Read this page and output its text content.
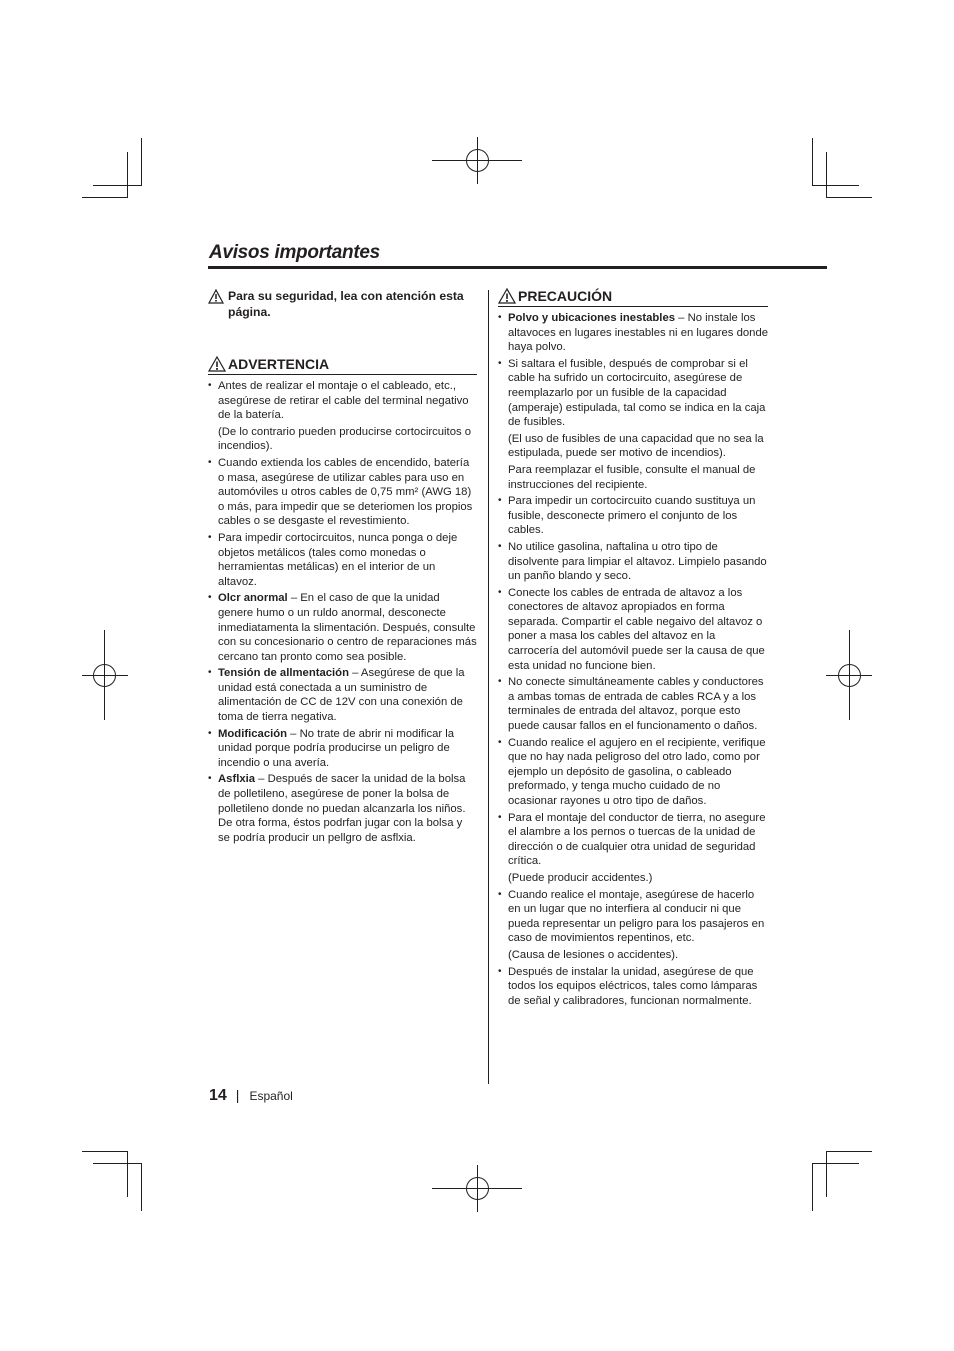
Avisos importantes
Para su seguridad, lea con atención esta página.
ADVERTENCIA
• Antes de realizar el montaje o el cableado, etc., asegúrese de retirar el cable del terminal negativo de la batería.
(De lo contrario pueden producirse cortocircuitos o incendios).
• Cuando extienda los cables de encendido, batería o masa, asegúrese de utilizar cables para uso en automóviles u otros cables de 0,75 mm² (AWG 18) o más, para impedir que se deteriomen los propios cables o se desgaste el revestimiento.
• Para impedir cortocircuitos, nunca ponga o deje objetos metálicos (tales como monedas o herramientas metálicas) en el interior de un altavoz.
• Olcr anormal – En el caso de que la unidad genere humo o un ruldo anormal, desconecte inmediatamenta la slimentación. Después, consulte con su concesionario o centro de reparaciones más cercano tan pronto como sea posible.
• Tensión de allmentación – Asegúrese de que la unidad está conectada a un suministro de alimentación de CC de 12V con una conexión de toma de tierra negativa.
• Modificación – No trate de abrir ni modificar la unidad porque podría producirse un peligro de incendio o una avería.
• Asflxia – Después de sacer la unidad de la bolsa de polletileno, asegúrese de poner la bolsa de polletileno donde no puedan alcanzarla los niños. De otra forma, éstos podrfan jugar con la bolsa y se podría producir un pellgro de asflxia.
PRECAUCIÓN
• Polvo y ubicaciones inestables – No instale los altavoces en lugares inestables ni en lugares donde haya polvo.
• Si saltara el fusible, después de comprobar si el cable ha sufrido un cortocircuito, asegúrese de reemplazarlo por un fusible de la capacidad (amperaje) estipulada, tal como se indica en la caja de fusibles.
(El uso de fusibles de una capacidad que no sea la estipulada, puede ser motivo de incendios).
Para reemplazar el fusible, consulte el manual de instrucciones del recipiente.
• Para impedir un cortocircuito cuando sustituya un fusible, desconecte primero el conjunto de los cables.
• No utilice gasolina, naftalina u otro tipo de disolvente para limpiar el altavoz. Limpielo pasando un panño blando y seco.
• Conecte los cables de entrada de altavoz a los conectores de altavoz apropiados en forma separada. Compartir el cable negaivo del altavoz o poner a masa los cables del altavoz en la carrocería del automóvil puede ser la causa de que esta unidad no funcione bien.
• No conecte simultáneamente cables y conductores a ambas tomas de entrada de cables RCA y a los terminales de entrada del altavoz, porque esto puede causar fallos en el funcionamento o daños.
• Cuando realice el agujero en el recipiente, verifique que no hay nada peligroso del otro lado, como por ejemplo un depósito de gasolina, o cableado preformado, y tenga mucho cuidado de no ocasionar rayones u otro tipo de daños.
• Para el montaje del conductor de tierra, no asegure el alambre a los pernos o tuercas de la unidad de dirección o de cualquier otra unidad de seguridad crítica.
(Puede producir accidentes.)
• Cuando realice el montaje, asegúrese de hacerlo en un lugar que no interfiera al conducir ni que pueda representar un peligro para los pasajeros en caso de movimientos repentinos, etc.
(Causa de lesiones o accidentes).
• Después de instalar la unidad, asegúrese de que todos los equipos eléctricos, tales como lámparas de señal y calibradores, funcionan normalmente.
14 | Español
